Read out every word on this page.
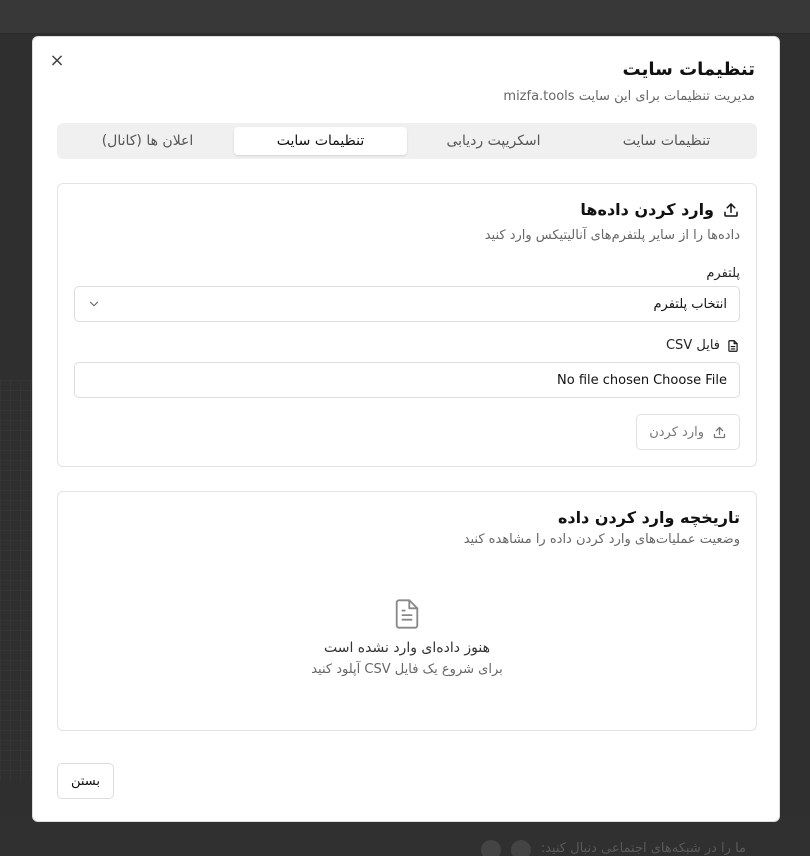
ما را در شبکه‌های اجتماعی دنبال کنید:
×	تنظیمات سایت
مدیریت تنظیمات برای این سایت mizfa.tools
تنظیمات سایت
اسکریپت ردیابی
تنظیمات سایت
اعلان ها (کانال)
وارد کردن داده‌ها
داده‌ها را از سایر پلتفرم‌های آنالیتیکس وارد کنید
پلتفرم
انتخاب پلتفرم
فایل CSV
No file chosen Choose File
وارد کردن
تاریخچه وارد کردن داده
وضعیت عملیات‌های وارد کردن داده را مشاهده کنید
هنوز داده‌ای وارد نشده است
برای شروع یک فایل CSV آپلود کنید
بستن
